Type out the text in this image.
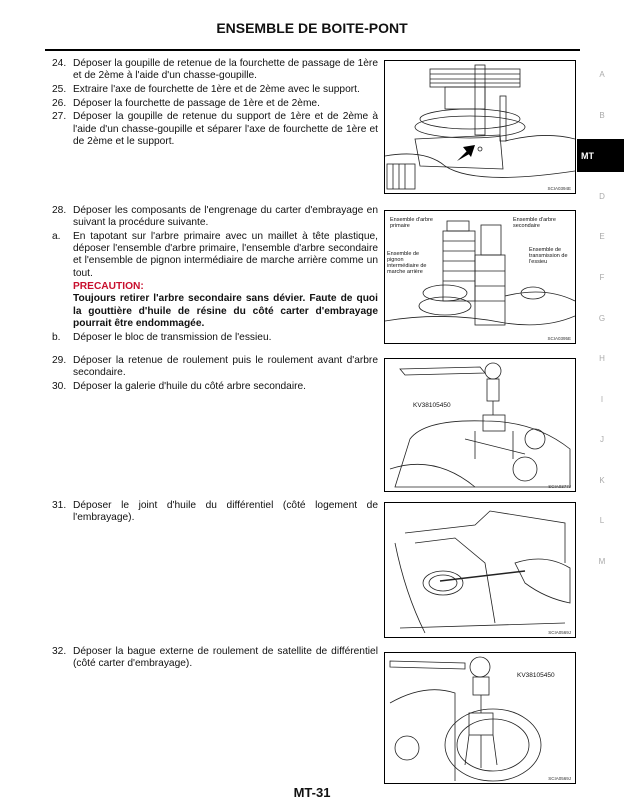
ENSEMBLE DE BOITE-PONT
24. Déposer la goupille de retenue de la fourchette de passage de 1ère et de 2ème à l'aide d'un chasse-goupille.
25. Extraire l'axe de fourchette de 1ère et de 2ème avec le support.
26. Déposer la fourchette de passage de 1ère et de 2ème.
27. Déposer la goupille de retenue du support de 1ère et de 2ème à l'aide d'un chasse-goupille et séparer l'axe de fourchette de 1ère et de 2ème et le support.
28. Déposer les composants de l'engrenage du carter d'embrayage en suivant la procédure suivante.
a.	En tapotant sur l'arbre primaire avec un maillet à tête plastique, déposer l'ensemble d'arbre primaire, l'ensemble d'arbre secondaire et l'ensemble de pignon intermédiaire de marche arrière comme un tout.
PRECAUTION:
Toujours retirer l'arbre secondaire sans dévier. Faute de quoi la gouttière d'huile de résine du côté carter d'embrayage pourrait être endommagée.
b.	Déposer le bloc de transmission de l'essieu.
29. Déposer la retenue de roulement puis le roulement avant d'arbre secondaire.
30. Déposer la galerie d'huile du côté arbre secondaire.
31. Déposer le joint d'huile du différentiel (côté logement de l'embrayage).
32. Déposer la bague externe de roulement de satellite de différentiel (côté carter d'embrayage).
SCIA0394E
Ensemble d'arbre primaire
Ensemble d'arbre secondaire
Ensemble de pignon intermédiaire de marche arrière
Ensemble de transmission de l'essieu
SCIA0395E
KV38105450
SCIA0377J
SCIA0569J
KV38105450
SCIA0569J
A
B
MT
D
E
F
G
H
I
J
K
L
M
MT-31
